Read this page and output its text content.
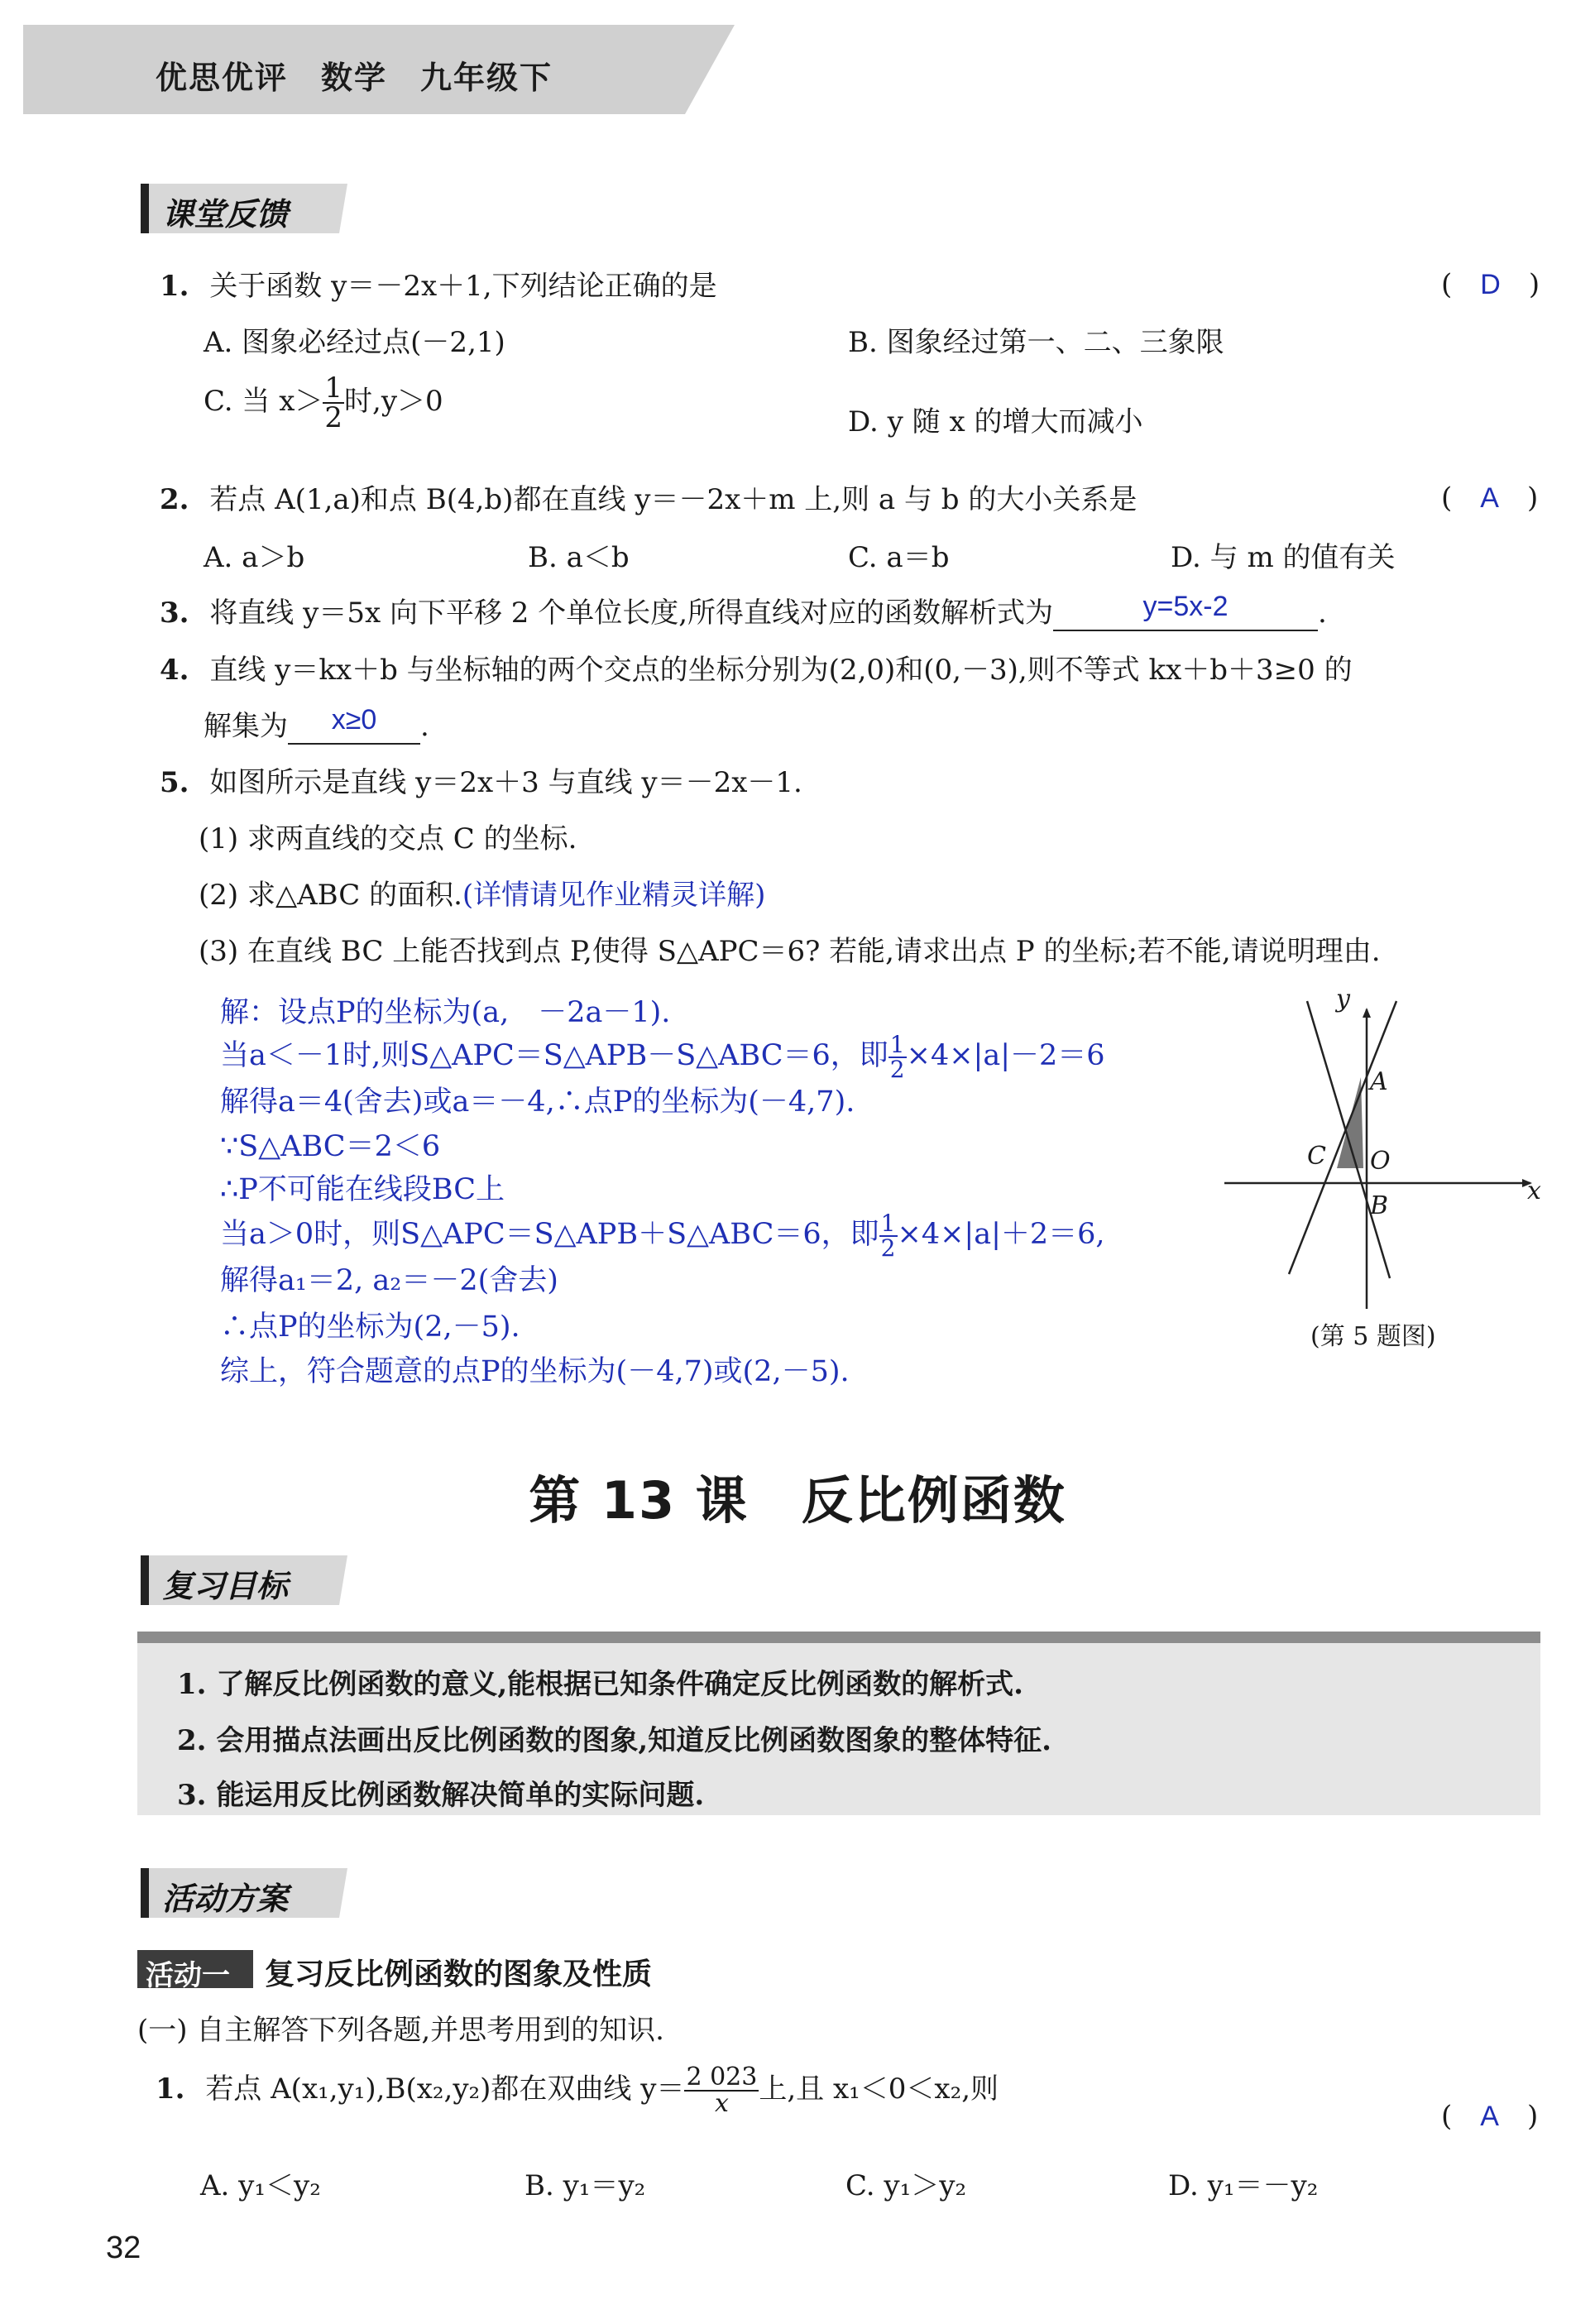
优思优评　数学　九年级下
课堂反馈
1. 关于函数 y＝－2x＋1,下列结论正确的是	(　D　)
A. 图象必经过点(－2,1)	B. 图象经过第一、二、三象限
C. 当 $x> \frac{1}{2}$ 时,y＞0
D. y 随 x 的增大而减小
2. 若点 A(1,a)和点 B(4,b)都在直线 y＝－2x＋m 上,则 a 与 b 的大小关系是	(　A　)
A. a＞b	B. a＜b	C. a＝b	D. 与 m 的值有关
3. 将直线 y＝5x 向下平移 2 个单位长度,所得直线对应的函数解析式为	y=5x-2	.
4. 直线 y＝kx＋b 与坐标轴的两个交点的坐标分别为(2,0)和(0,－3),则不等式 kx＋b＋3≥0 的
解集为 x≥0 .
5. 如图所示是直线 y＝2x＋3 与直线 y＝－2x－1.
(1) 求两直线的交点 C 的坐标.
(2) 求△ABC 的面积.(详情请见作业精灵详解)
(3) 在直线 BC 上能否找到点 P,使得 S△APC＝6? 若能,请求出点 P 的坐标;若不能,请说明理由.
解：设点P的坐标为(a,　－2a－1).
当a＜－1时,则S△APC＝S△APB－S△ABC＝6，即 $\frac{1}{2} \times 4\times|a|-2=6$
解得a＝4(舍去)或a＝－4,∴点P的坐标为(－4,7).
∵S△ABC＝2＜6
∴P不可能在线段BC上
当a＞0时，则S△APC＝S△APB＋S△ABC＝6，即 $\frac{1}{2} \times 4\times|a|+2=6$,
解得a₁＝2, a₂＝－2(舍去)
∴点P的坐标为(2,－5).
综上，符合题意的点P的坐标为(－4,7)或(2,－5).
y
x
A
B
C O
(第 5 题图)
第 13 课　反比例函数
复习目标
1. 了解反比例函数的意义,能根据已知条件确定反比例函数的解析式.
2. 会用描点法画出反比例函数的图象,知道反比例函数图象的整体特征.
3. 能运用反比例函数解决简单的实际问题.
活动方案
活动一 复习反比例函数的图象及性质
(一) 自主解答下列各题,并思考用到的知识.
1. 若点 A(x₁,y₁),B(x₂,y₂)都在双曲线 $y= \frac{2 023}{x}$ 上,且 x₁＜0＜x₂,则
(　A　)
A. y₁＜y₂	B. y₁＝y₂	C. y₁＞y₂	D. y₁＝－y₂
32
